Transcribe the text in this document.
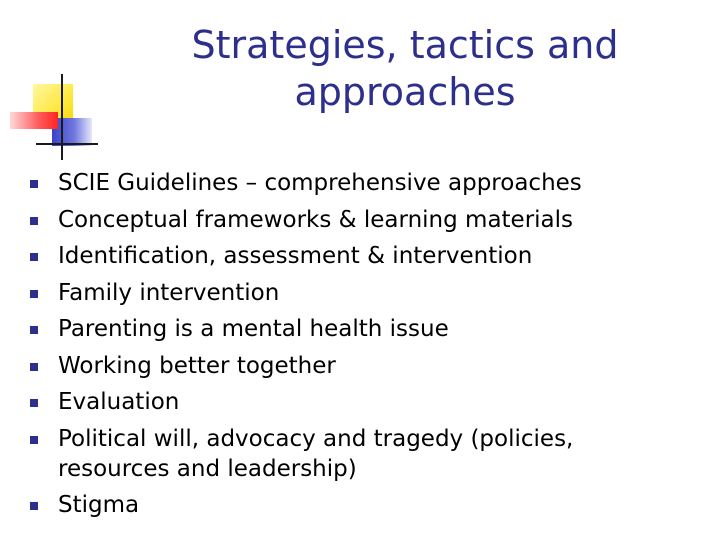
Strategies, tactics and
approaches
SCIE Guidelines – comprehensive approaches
Conceptual frameworks & learning materials
Identification, assessment & intervention
Family intervention
Parenting is a mental health issue
Working better together
Evaluation
Political will, advocacy and tragedy (policies, resources and leadership)
Stigma
